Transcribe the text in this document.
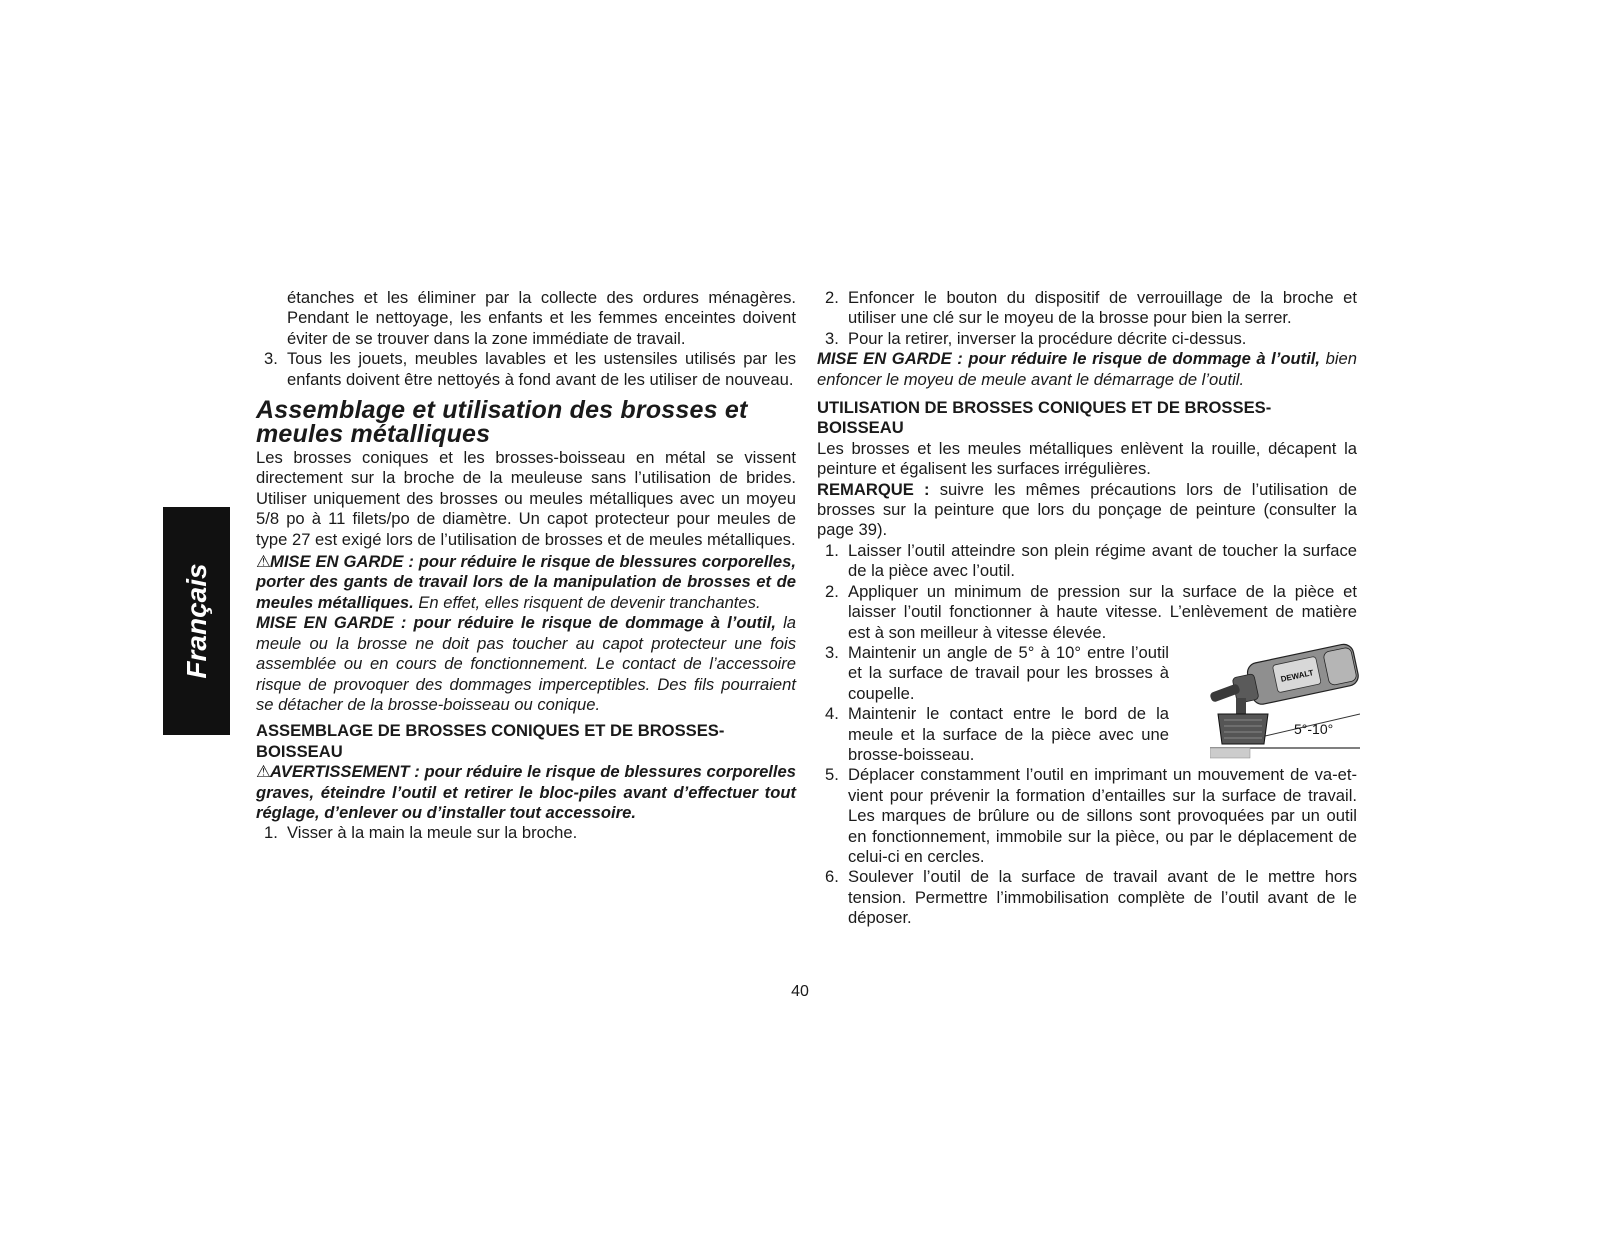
Français

étanches et les éliminer par la collecte des ordures ménagères. Pendant le nettoyage, les enfants et les femmes enceintes doivent éviter de se trouver dans la zone immédiate de travail.

3. Tous les jouets, meubles lavables et les ustensiles utilisés par les enfants doivent être nettoyés à fond avant de les utiliser de nouveau.
Assemblage et utilisation des brosses et meules métalliques

Les brosses coniques et les brosses-boisseau en métal se vissent directement sur la broche de la meuleuse sans l’utilisation de brides. Utiliser uniquement des brosses ou meules métalliques avec un moyeu 5/8 po à 11 filets/po de diamètre. Un capot protecteur pour meules de type 27 est exigé lors de l’utilisation de brosses et de meules métalliques.

⚠MISE EN GARDE : pour réduire le risque de blessures corporelles, porter des gants de travail lors de la manipulation de brosses et de meules métalliques. En effet, elles risquent de devenir tranchantes.

MISE EN GARDE : pour réduire le risque de dommage à l’outil, la meule ou la brosse ne doit pas toucher au capot protecteur une fois assemblée ou en cours de fonctionnement. Le contact de l’accessoire risque de provoquer des dommages imperceptibles. Des fils pourraient se détacher de la brosse-boisseau ou conique.

ASSEMBLAGE DE BROSSES CONIQUES ET DE BROSSES-BOISSEAU

⚠AVERTISSEMENT : pour réduire le risque de blessures corporelles graves, éteindre l’outil et retirer le bloc-piles avant d’effectuer tout réglage, d’enlever ou d’installer tout accessoire.

1. Visser à la main la meule sur la broche.
2. Enfoncer le bouton du dispositif de verrouillage de la broche et utiliser une clé sur le moyeu de la brosse pour bien la serrer.
3. Pour la retirer, inverser la procédure décrite ci-dessus.

MISE EN GARDE : pour réduire le risque de dommage à l’outil, bien enfoncer le moyeu de meule avant le démarrage de l’outil.

UTILISATION DE BROSSES CONIQUES ET DE BROSSES-BOISSEAU

Les brosses et les meules métalliques enlèvent la rouille, décapent la peinture et égalisent les surfaces irrégulières.

REMARQUE : suivre les mêmes précautions lors de l’utilisation de brosses sur la peinture que lors du ponçage de peinture (consulter la page 39).

1. Laisser l’outil atteindre son plein régime avant de toucher la surface de la pièce avec l’outil.
2. Appliquer un minimum de pression sur la surface de la pièce et laisser l’outil fonctionner à haute vitesse. L’enlèvement de matière est à son meilleur à vitesse élevée.
3. Maintenir un angle de 5° à 10° entre l’outil et la surface de travail pour les brosses à coupelle.
4. Maintenir le contact entre le bord de la meule et la surface de la pièce avec une brosse-boisseau.
5. Déplacer constamment l’outil en imprimant un mouvement de va-et-vient pour prévenir la formation d’entailles sur la surface de travail. Les marques de brûlure ou de sillons sont provoquées par un outil en fonctionnement, immobile sur la pièce, ou par le déplacement de celui-ci en cercles.
6. Soulever l’outil de la surface de travail avant de le mettre hors tension. Permettre l’immobilisation complète de l’outil avant de le déposer.
DEWALT
5°-10°
40
